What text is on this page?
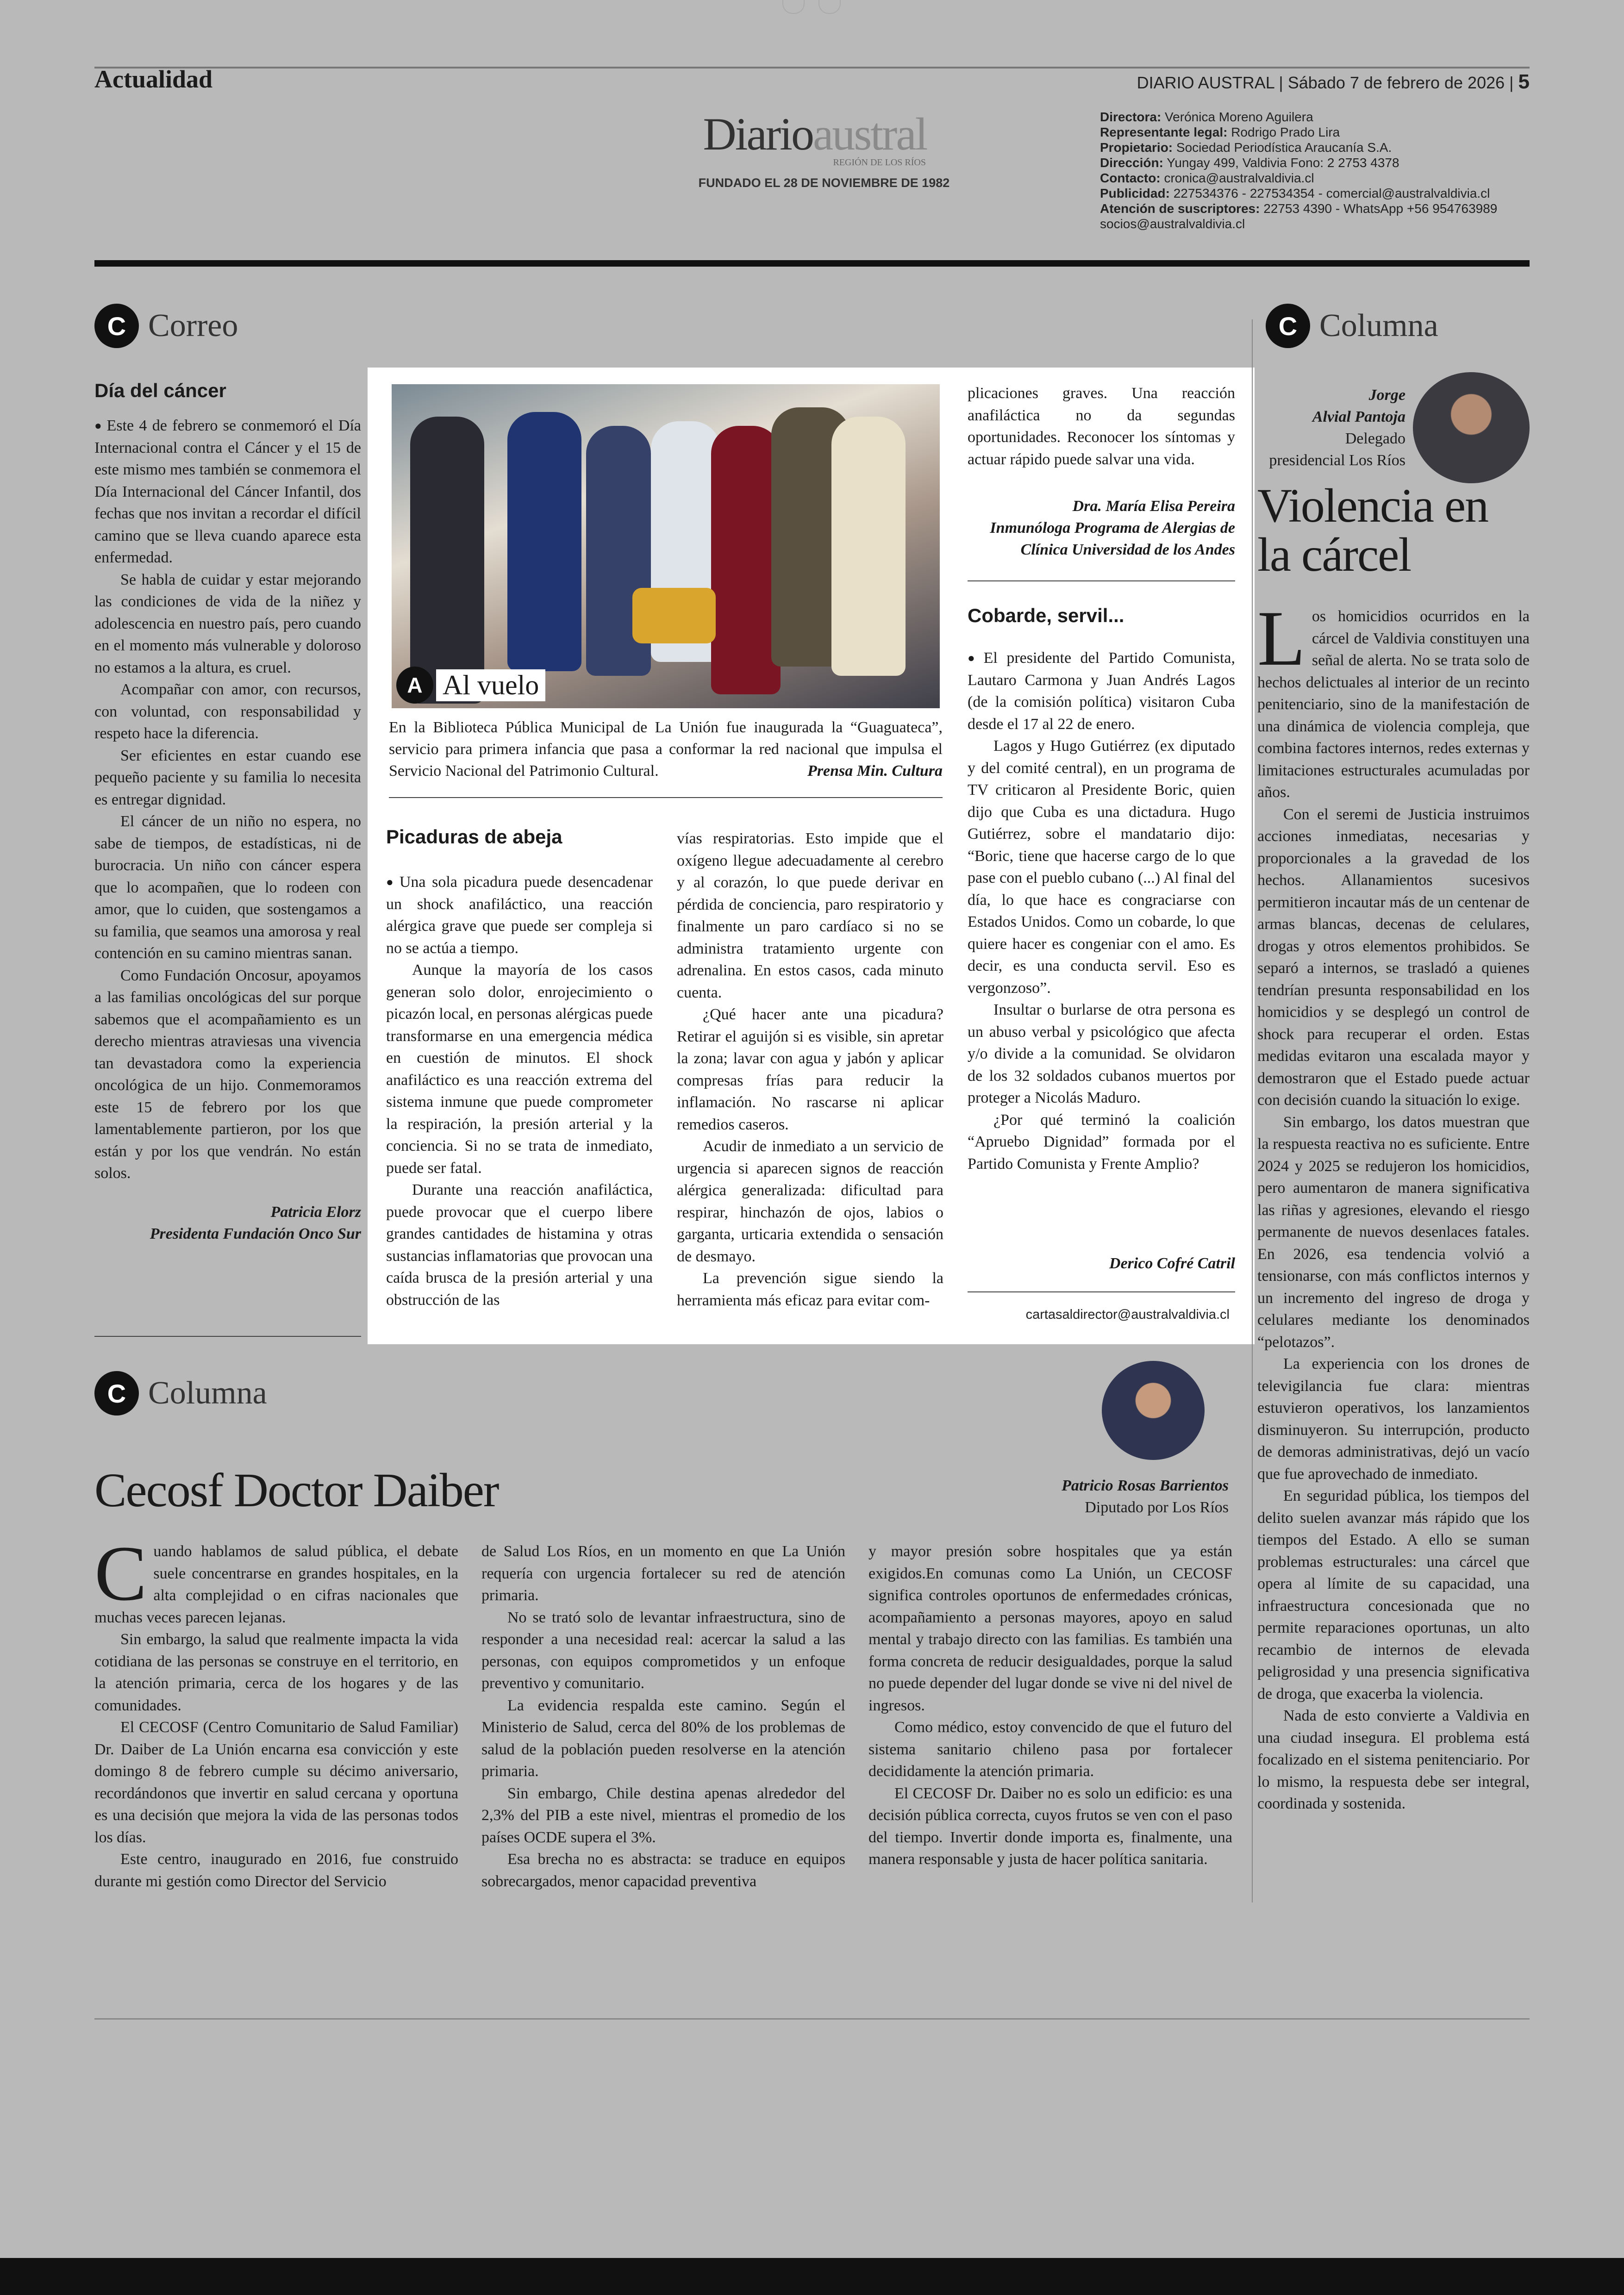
Actualidad	DIARIO AUSTRAL | Sábado 7 de febrero de 2026 | 5
Diarioaustral
REGIÓN DE LOS RÍOS
FUNDADO EL 28 DE NOVIEMBRE DE 1982
Directora: Verónica Moreno Aguilera
Representante legal: Rodrigo Prado Lira
Propietario: Sociedad Periodística Araucanía S.A.
Dirección: Yungay 499, Valdivia Fono: 2 2753 4378
Contacto: cronica@australvaldivia.cl
Publicidad: 227534376 - 227534354 - comercial@australvaldivia.cl
Atención de suscriptores: 22753 4390 - WhatsApp +56 954763989
socios@australvaldivia.cl
C Correo
Día del cáncer

● Este 4 de febrero se conmemoró el Día Internacional contra el Cáncer y el 15 de este mismo mes también se conmemora el Día Internacional del Cáncer Infantil, dos fechas que nos invitan a recordar el difícil camino que se lleva cuando aparece esta enfermedad.

Se habla de cuidar y estar mejorando las condiciones de vida de la niñez y adolescencia en nuestro país, pero cuando en el momento más vulnerable y doloroso no estamos a la altura, es cruel.

Acompañar con amor, con recursos, con voluntad, con responsabilidad y respeto hace la diferencia.

Ser eficientes en estar cuando ese pequeño paciente y su familia lo necesita es entregar dignidad.

El cáncer de un niño no espera, no sabe de tiempos, de estadísticas, ni de burocracia. Un niño con cáncer espera que lo acompañen, que lo rodeen con amor, que lo cuiden, que sostengamos a su familia, que seamos una amorosa y real contención en su camino mientras sanan.

Como Fundación Oncosur, apoyamos a las familias oncológicas del sur porque sabemos que el acompañamiento es un derecho mientras atraviesas una vivencia tan devastadora como la experiencia oncológica de un hijo. Conmemoramos este 15 de febrero por los que lamentablemente partieron, por los que están y por los que vendrán. No están solos.

Patricia Elorz
Presidenta Fundación Onco Sur
A Al vuelo
En la Biblioteca Pública Municipal de La Unión fue inaugurada la “Guaguateca”, servicio para primera infancia que pasa a conformar la red nacional que impulsa el Servicio Nacional del Patrimonio Cultural.	Prensa Min. Cultura
Picaduras de abeja

● Una sola picadura puede desencadenar un shock anafiláctico, una reacción alérgica grave que puede ser compleja si no se actúa a tiempo.

Aunque la mayoría de los casos generan solo dolor, enrojecimiento o picazón local, en personas alérgicas puede transformarse en una emergencia médica en cuestión de minutos. El shock anafiláctico es una reacción extrema del sistema inmune que puede comprometer la respiración, la presión arterial y la conciencia. Si no se trata de inmediato, puede ser fatal.

Durante una reacción anafiláctica, puede provocar que el cuerpo libere grandes cantidades de histamina y otras sustancias inflamatorias que provocan una caída brusca de la presión arterial y una obstrucción de las

vías respiratorias. Esto impide que el oxígeno llegue adecuadamente al cerebro y al corazón, lo que puede derivar en pérdida de conciencia, paro respiratorio y finalmente un paro cardíaco si no se administra tratamiento urgente con adrenalina. En estos casos, cada minuto cuenta.

¿Qué hacer ante una picadura? Retirar el aguijón si es visible, sin apretar la zona; lavar con agua y jabón y aplicar compresas frías para reducir la inflamación. No rascarse ni aplicar remedios caseros.

Acudir de inmediato a un servicio de urgencia si aparecen signos de reacción alérgica generalizada: dificultad para respirar, hinchazón de ojos, labios o garganta, urticaria extendida o sensación de desmayo.

La prevención sigue siendo la herramienta más eficaz para evitar com-

plicaciones graves. Una reacción anafiláctica no da segundas oportunidades. Reconocer los síntomas y actuar rápido puede salvar una vida.

Dra. María Elisa Pereira
Inmunóloga Programa de Alergias de Clínica Universidad de los Andes
Cobarde, servil...

● El presidente del Partido Comunista, Lautaro Carmona y Juan Andrés Lagos (de la comisión política) visitaron Cuba desde el 17 al 22 de enero.

Lagos y Hugo Gutiérrez (ex diputado y del comité central), en un programa de TV criticaron al Presidente Boric, quien dijo que Cuba es una dictadura. Hugo Gutiérrez, sobre el mandatario dijo: “Boric, tiene que hacerse cargo de lo que pase con el pueblo cubano (...) Al final del día, lo que hace es congraciarse con Estados Unidos. Como un cobarde, lo que quiere hacer es congeniar con el amo. Es decir, es una conducta servil. Eso es vergonzoso”.

Insultar o burlarse de otra persona es un abuso verbal y psicológico que afecta y/o divide a la comunidad. Se olvidaron de los 32 soldados cubanos muertos por proteger a Nicolás Maduro.

¿Por qué terminó la coalición “Apruebo Dignidad” formada por el Partido Comunista y Frente Amplio?

Derico Cofré Catril
cartasaldirector@australvaldivia.cl
C Columna
Jorge
Alvial Pantoja
Delegado
presidencial Los Ríos
Violencia en la cárcel

Los homicidios ocurridos en la cárcel de Valdivia constituyen una señal de alerta. No se trata solo de hechos delictuales al interior de un recinto penitenciario, sino de la manifestación de una dinámica de violencia compleja, que combina factores internos, redes externas y limitaciones estructurales acumuladas por años.

Con el seremi de Justicia instruimos acciones inmediatas, necesarias y proporcionales a la gravedad de los hechos. Allanamientos sucesivos permitieron incautar más de un centenar de armas blancas, decenas de celulares, drogas y otros elementos prohibidos. Se separó a internos, se trasladó a quienes tendrían presunta responsabilidad en los homicidios y se desplegó un control de shock para recuperar el orden. Estas medidas evitaron una escalada mayor y demostraron que el Estado puede actuar con decisión cuando la situación lo exige.

Sin embargo, los datos muestran que la respuesta reactiva no es suficiente. Entre 2024 y 2025 se redujeron los homicidios, pero aumentaron de manera significativa las riñas y agresiones, elevando el riesgo permanente de nuevos desenlaces fatales. En 2026, esa tendencia volvió a tensionarse, con más conflictos internos y un incremento del ingreso de droga y celulares mediante los denominados “pelotazos”.

La experiencia con los drones de televigilancia fue clara: mientras estuvieron operativos, los lanzamientos disminuyeron. Su interrupción, producto de demoras administrativas, dejó un vacío que fue aprovechado de inmediato.

En seguridad pública, los tiempos del delito suelen avanzar más rápido que los tiempos del Estado. A ello se suman problemas estructurales: una cárcel que opera al límite de su capacidad, una infraestructura concesionada que no permite reparaciones oportunas, un alto recambio de internos de elevada peligrosidad y una presencia significativa de droga, que exacerba la violencia.

Nada de esto convierte a Valdivia en una ciudad insegura. El problema está focalizado en el sistema penitenciario. Por lo mismo, la respuesta debe ser integral, coordinada y sostenida.

C Columna
Cecosf Doctor Daiber	Patricio Rosas Barrientos
Diputado por Los Ríos

Cuando hablamos de salud pública, el debate suele concentrarse en grandes hospitales, en la alta complejidad o en cifras nacionales que muchas veces parecen lejanas.

Sin embargo, la salud que realmente impacta la vida cotidiana de las personas se construye en el territorio, en la atención primaria, cerca de los hogares y de las comunidades.

El CECOSF (Centro Comunitario de Salud Familiar) Dr. Daiber de La Unión encarna esa convicción y este domingo 8 de febrero cumple su décimo aniversario, recordándonos que invertir en salud cercana y oportuna es una decisión que mejora la vida de las personas todos los días.

Este centro, inaugurado en 2016, fue construido durante mi gestión como Director del Servicio

de Salud Los Ríos, en un momento en que La Unión requería con urgencia fortalecer su red de atención primaria.

No se trató solo de levantar infraestructura, sino de responder a una necesidad real: acercar la salud a las personas, con equipos comprometidos y un enfoque preventivo y comunitario.

La evidencia respalda este camino. Según el Ministerio de Salud, cerca del 80% de los problemas de salud de la población pueden resolverse en la atención primaria.

Sin embargo, Chile destina apenas alrededor del 2,3% del PIB a este nivel, mientras el promedio de los países OCDE supera el 3%.

Esa brecha no es abstracta: se traduce en equipos sobrecargados, menor capacidad preventiva

y mayor presión sobre hospitales que ya están exigidos.En comunas como La Unión, un CECOSF significa controles oportunos de enfermedades crónicas, acompañamiento a personas mayores, apoyo en salud mental y trabajo directo con las familias. Es también una forma concreta de reducir desigualdades, porque la salud no puede depender del lugar donde se vive ni del nivel de ingresos.

Como médico, estoy convencido de que el futuro del sistema sanitario chileno pasa por fortalecer decididamente la atención primaria.

El CECOSF Dr. Daiber no es solo un edificio: es una decisión pública correcta, cuyos frutos se ven con el paso del tiempo. Invertir donde importa es, finalmente, una manera responsable y justa de hacer política sanitaria.
